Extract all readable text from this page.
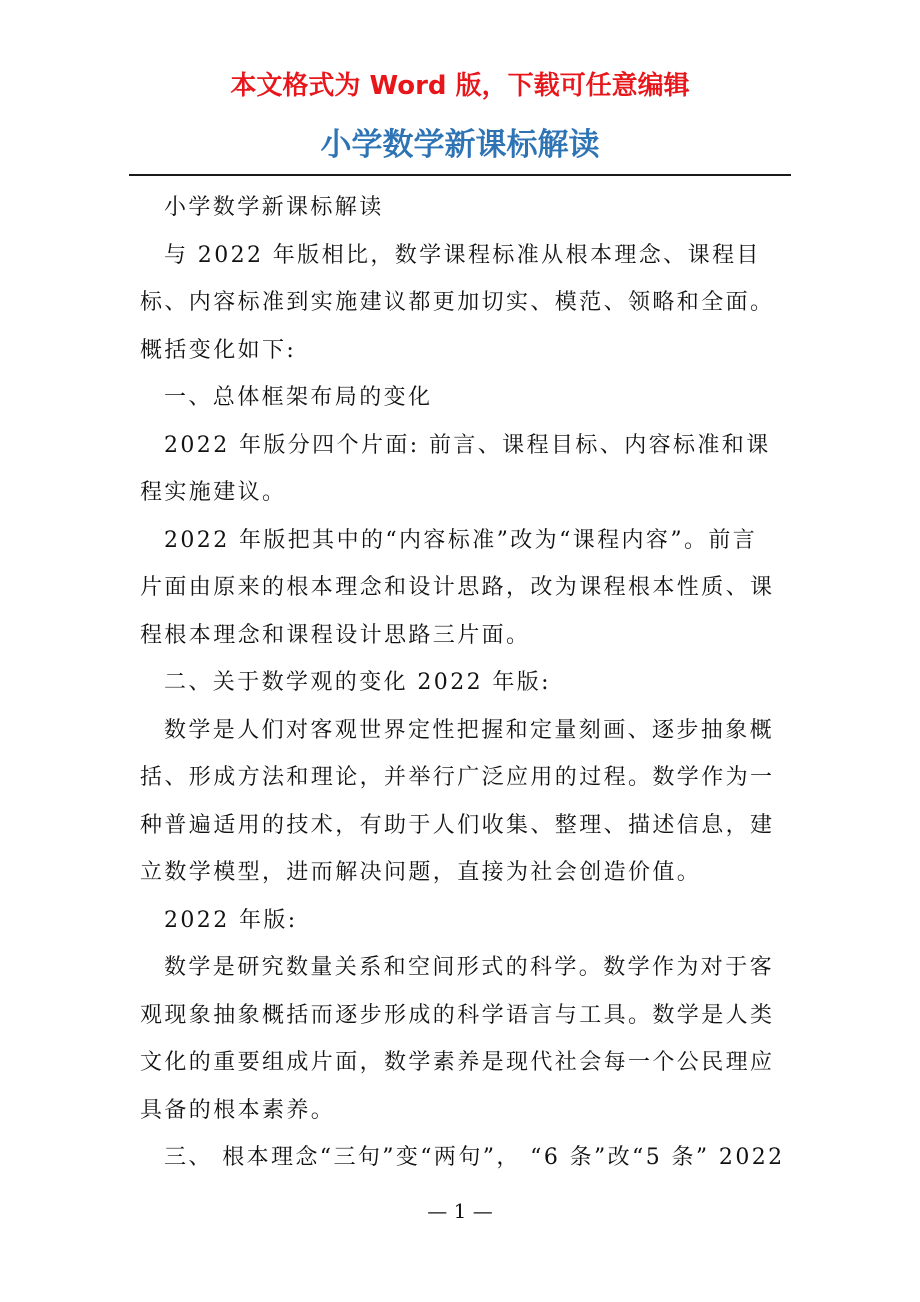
本文格式为 Word 版，下载可任意编辑
小学数学新课标解读

小学数学新课标解读

与 2022 年版相比，数学课程标准从根本理念、课程目标、内容标准到实施建议都更加切实、模范、领略和全面。概括变化如下:

一、总体框架布局的变化

2022 年版分四个片面: 前言、课程目标、内容标准和课程实施建议。

2022 年版把其中的“内容标准”改为“课程内容”。前言片面由原来的根本理念和设计思路，改为课程根本性质、课程根本理念和课程设计思路三片面。

二、关于数学观的变化 2022 年版:

数学是人们对客观世界定性把握和定量刻画、逐步抽象概括、形成方法和理论，并举行广泛应用的过程。数学作为一种普遍适用的技术，有助于人们收集、整理、描述信息，建立数学模型，进而解决问题，直接为社会创造价值。

2022 年版:

数学是研究数量关系和空间形式的科学。数学作为对于客观现象抽象概括而逐步形成的科学语言与工具。数学是人类文化的重要组成片面，数学素养是现代社会每一个公民理应具备的根本素养。

三、 根本理念“三句”变“两句”， “6 条”改“5 条” 2022

— 1 —
